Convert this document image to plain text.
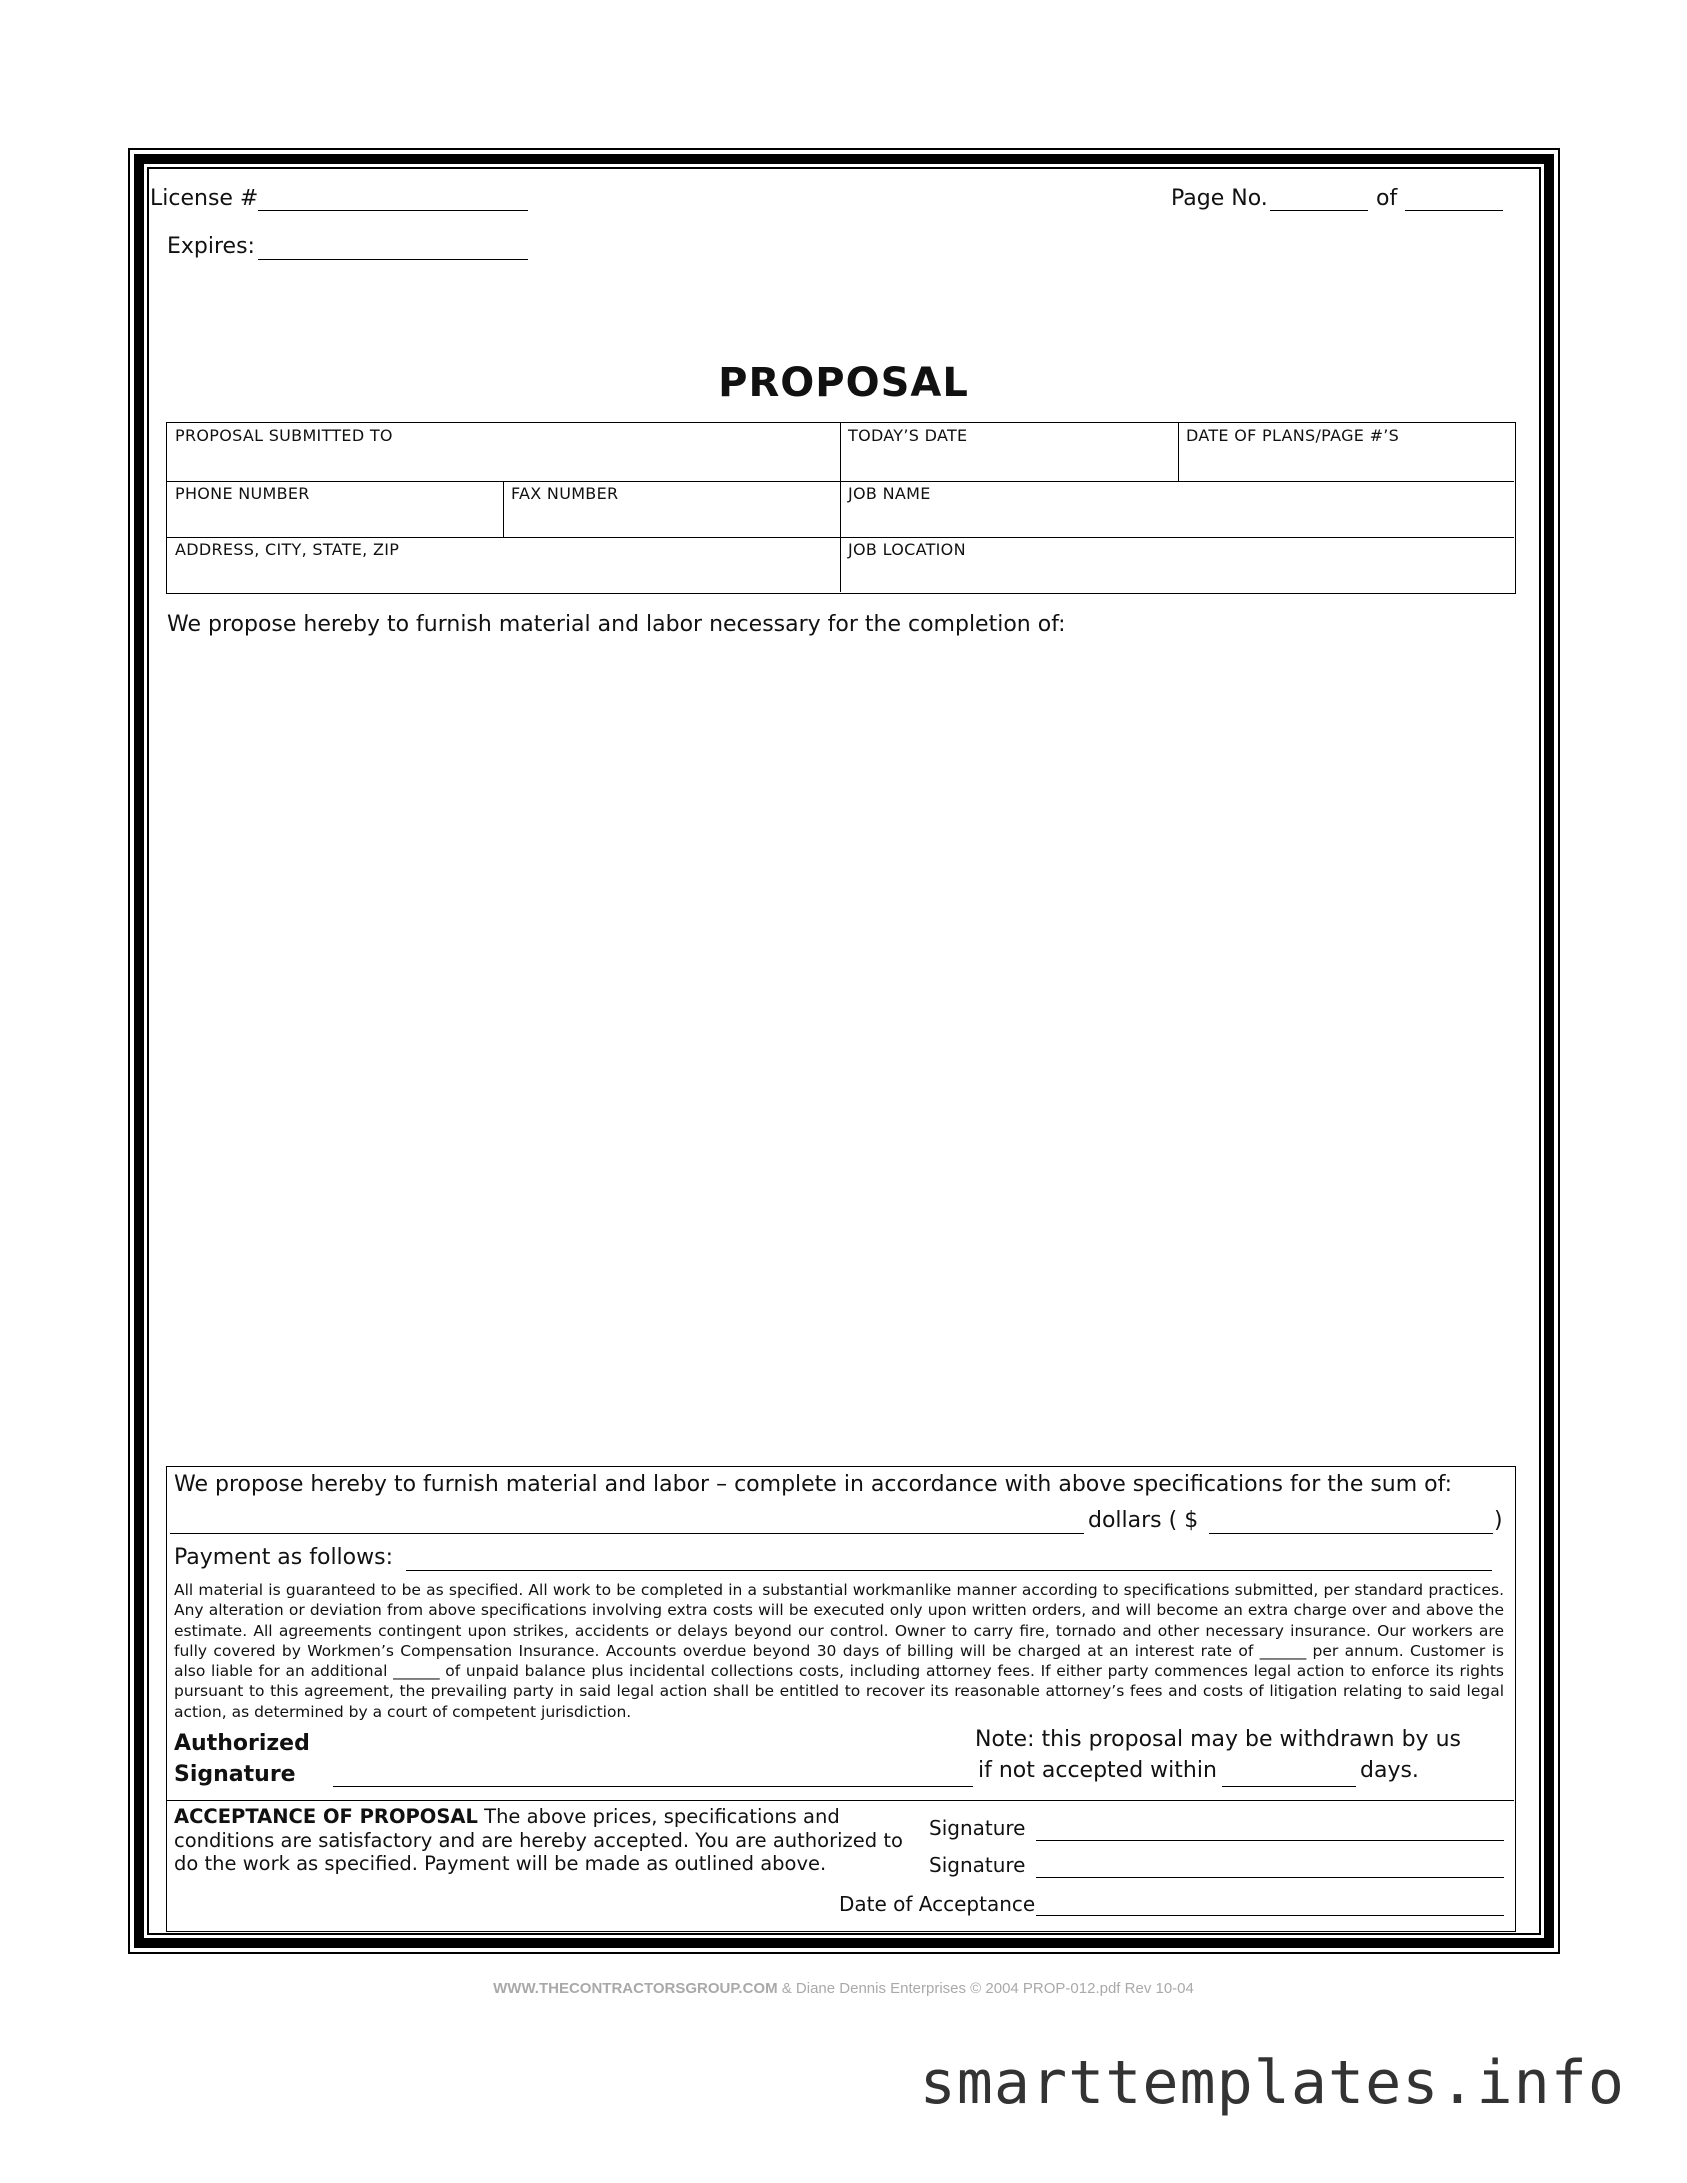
License #
Expires:
Page No.	of
PROPOSAL
PROPOSAL SUBMITTED TO	TODAY’S DATE	DATE OF PLANS/PAGE #’S
PHONE NUMBER	FAX NUMBER	JOB NAME
ADDRESS, CITY, STATE, ZIP	JOB LOCATION
We propose hereby to furnish material and labor necessary for the completion of:
We propose hereby to furnish material and labor – complete in accordance with above specifications for the sum of:
dollars ( $	)
Payment as follows:
All material is guaranteed to be as specified. All work to be completed in a substantial workmanlike manner according to specifications submitted, per standard practices. Any alteration or deviation from above specifications involving extra costs will be executed only upon written orders, and will become an extra charge over and above the estimate. All agreements contingent upon strikes, accidents or delays beyond our control. Owner to carry fire, tornado and other necessary insurance. Our workers are fully covered by Workmen’s Compensation Insurance. Accounts overdue beyond 30 days of billing will be charged at an interest rate of ______ per annum. Customer is also liable for an additional ______ of unpaid balance plus incidental collections costs, including attorney fees. If either party commences legal action to enforce its rights pursuant to this agreement, the prevailing party in said legal action shall be entitled to recover its reasonable attorney’s fees and costs of litigation relating to said legal action, as determined by a court of competent jurisdiction.
Authorized
Signature
Note: this proposal may be withdrawn by us
if not accepted within	days.
ACCEPTANCE OF PROPOSAL The above prices, specifications and conditions are satisfactory and are hereby accepted. You are authorized to do the work as specified. Payment will be made as outlined above.
Signature
Signature
Date of Acceptance
WWW.THECONTRACTORSGROUP.COM & Diane Dennis Enterprises © 2004 PROP-012.pdf Rev 10-04
smarttemplates.info
